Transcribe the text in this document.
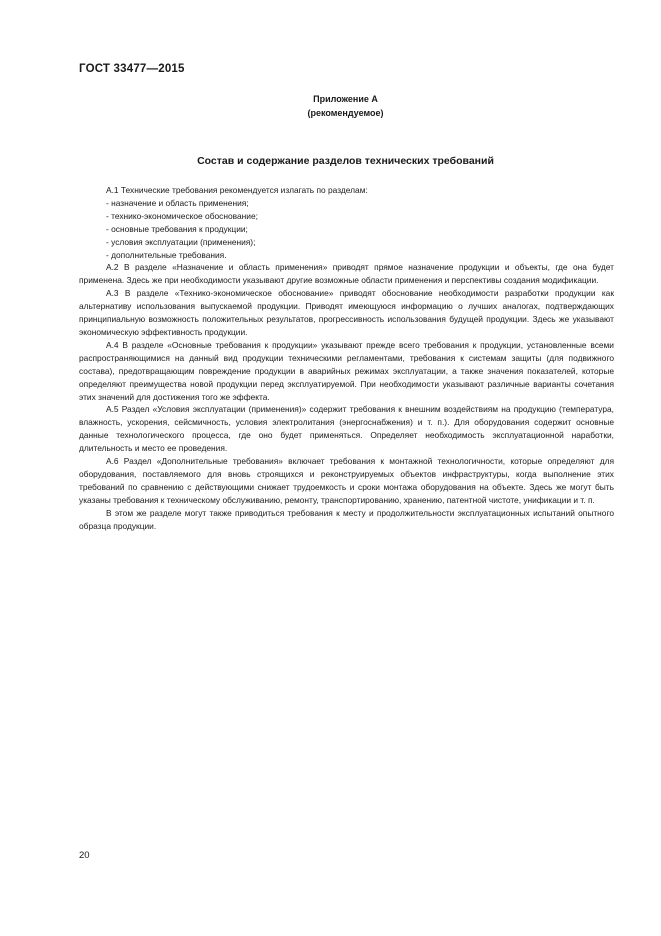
ГОСТ 33477—2015
Приложение А
(рекомендуемое)
Состав и содержание разделов технических требований

А.1 Технические требования рекомендуется излагать по разделам:

- назначение и область применения;
- технико-экономическое обоснование;
- основные требования к продукции;
- условия эксплуатации (применения);
- дополнительные требования.

А.2 В разделе «Назначение и область применения» приводят прямое назначение продукции и объекты, где она будет применена. Здесь же при необходимости указывают другие возможные области применения и перспективы создания модификации.

А.3 В разделе «Технико-экономическое обоснование» приводят обоснование необходимости разработки продукции как альтернативу использования выпускаемой продукции. Приводят имеющуюся информацию о лучших аналогах, подтверждающих принципиальную возможность положительных результатов, прогрессивность использования будущей продукции. Здесь же указывают экономическую эффективность продукции.

А.4 В разделе «Основные требования к продукции» указывают прежде всего требования к продукции, установленные всеми распространяющимися на данный вид продукции техническими регламентами, требования к системам защиты (для подвижного состава), предотвращающим повреждение продукции в аварийных режимах эксплуатации, а также значения показателей, которые определяют преимущества новой продукции перед эксплуатируемой. При необходимости указывают различные варианты сочетания этих значений для достижения того же эффекта.

А.5 Раздел «Условия эксплуатации (применения)» содержит требования к внешним воздействиям на продукцию (температура, влажность, ускорения, сейсмичность, условия электролитания (энергоснабжения) и т. п.). Для оборудования содержит основные данные технологического процесса, где оно будет применяться. Определяет необходимость эксплуатационной наработки, длительность и место ее проведения.

А.6 Раздел «Дополнительные требования» включает требования к монтажной технологичности, которые определяют для оборудования, поставляемого для вновь строящихся и реконструируемых объектов инфраструктуры, когда выполнение этих требований по сравнению с действующими снижает трудоемкость и сроки монтажа оборудования на объекте. Здесь же могут быть указаны требования к техническому обслуживанию, ремонту, транспортированию, хранению, патентной чистоте, унификации и т. п.

В этом же разделе могут также приводиться требования к месту и продолжительности эксплуатационных испытаний опытного образца продукции.

20
